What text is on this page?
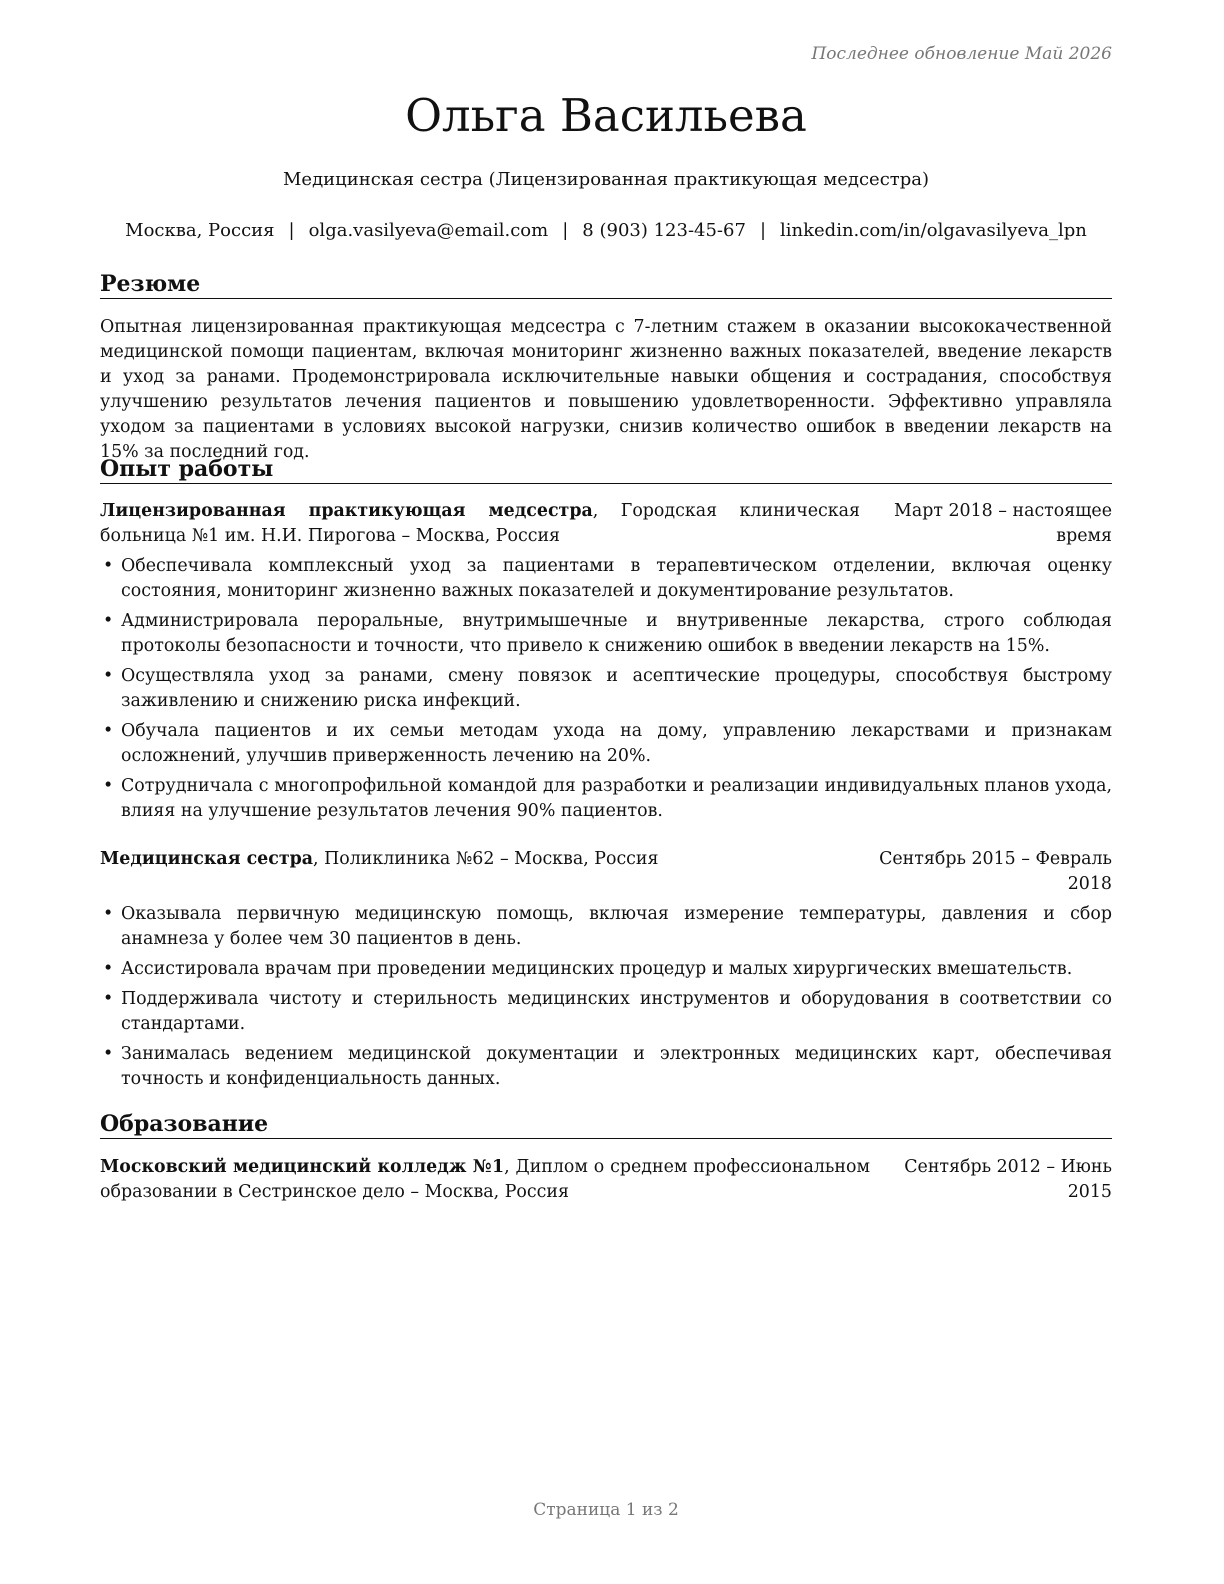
Последнее обновление Май 2026
Ольга Васильева
Медицинская сестра (Лицензированная практикующая медсестра)
Москва, Россия | olga.vasilyeva@email.com | 8 (903) 123-45-67 | linkedin.com/in/olgavasilyeva_lpn
Резюме
Опытная лицензированная практикующая медсестра с 7-летним стажем в оказании высококачественной медицинской помощи пациентам, включая мониторинг жизненно важных показателей, введение лекарств и уход за ранами. Продемонстрировала исключительные навыки общения и сострадания, способствуя улучшению результатов лечения пациентов и повышению удовлетворенности. Эффективно управляла уходом за пациентами в условиях высокой нагрузки, снизив количество ошибок в введении лекарств на 15% за последний год.
Опыт работы
Лицензированная практикующая медсестра, Городская клиническая больница №1 им. Н.И. Пирогова – Москва, Россия
Март 2018 – настоящее время
• Обеспечивала комплексный уход за пациентами в терапевтическом отделении, включая оценку состояния, мониторинг жизненно важных показателей и документирование результатов.
• Администрировала пероральные, внутримышечные и внутривенные лекарства, строго соблюдая протоколы безопасности и точности, что привело к снижению ошибок в введении лекарств на 15%.
• Осуществляла уход за ранами, смену повязок и асептические процедуры, способствуя быстрому заживлению и снижению риска инфекций.
• Обучала пациентов и их семьи методам ухода на дому, управлению лекарствами и признакам осложнений, улучшив приверженность лечению на 20%.
• Сотрудничала с многопрофильной командой для разработки и реализации индивидуальных планов ухода, влияя на улучшение результатов лечения 90% пациентов.
Медицинская сестра, Поликлиника №62 – Москва, Россия	Сентябрь 2015 – Февраль 2018
• Оказывала первичную медицинскую помощь, включая измерение температуры, давления и сбор анамнеза у более чем 30 пациентов в день.
• Ассистировала врачам при проведении медицинских процедур и малых хирургических вмешательств.
• Поддерживала чистоту и стерильность медицинских инструментов и оборудования в соответствии со стандартами.
• Занималась ведением медицинской документации и электронных медицинских карт, обеспечивая точность и конфиденциальность данных.
Образование
Московский медицинский колледж №1, Диплом о среднем профессиональном образовании в Сестринское дело – Москва, Россия
Сентябрь 2012 – Июнь 2015
Страница 1 из 2
